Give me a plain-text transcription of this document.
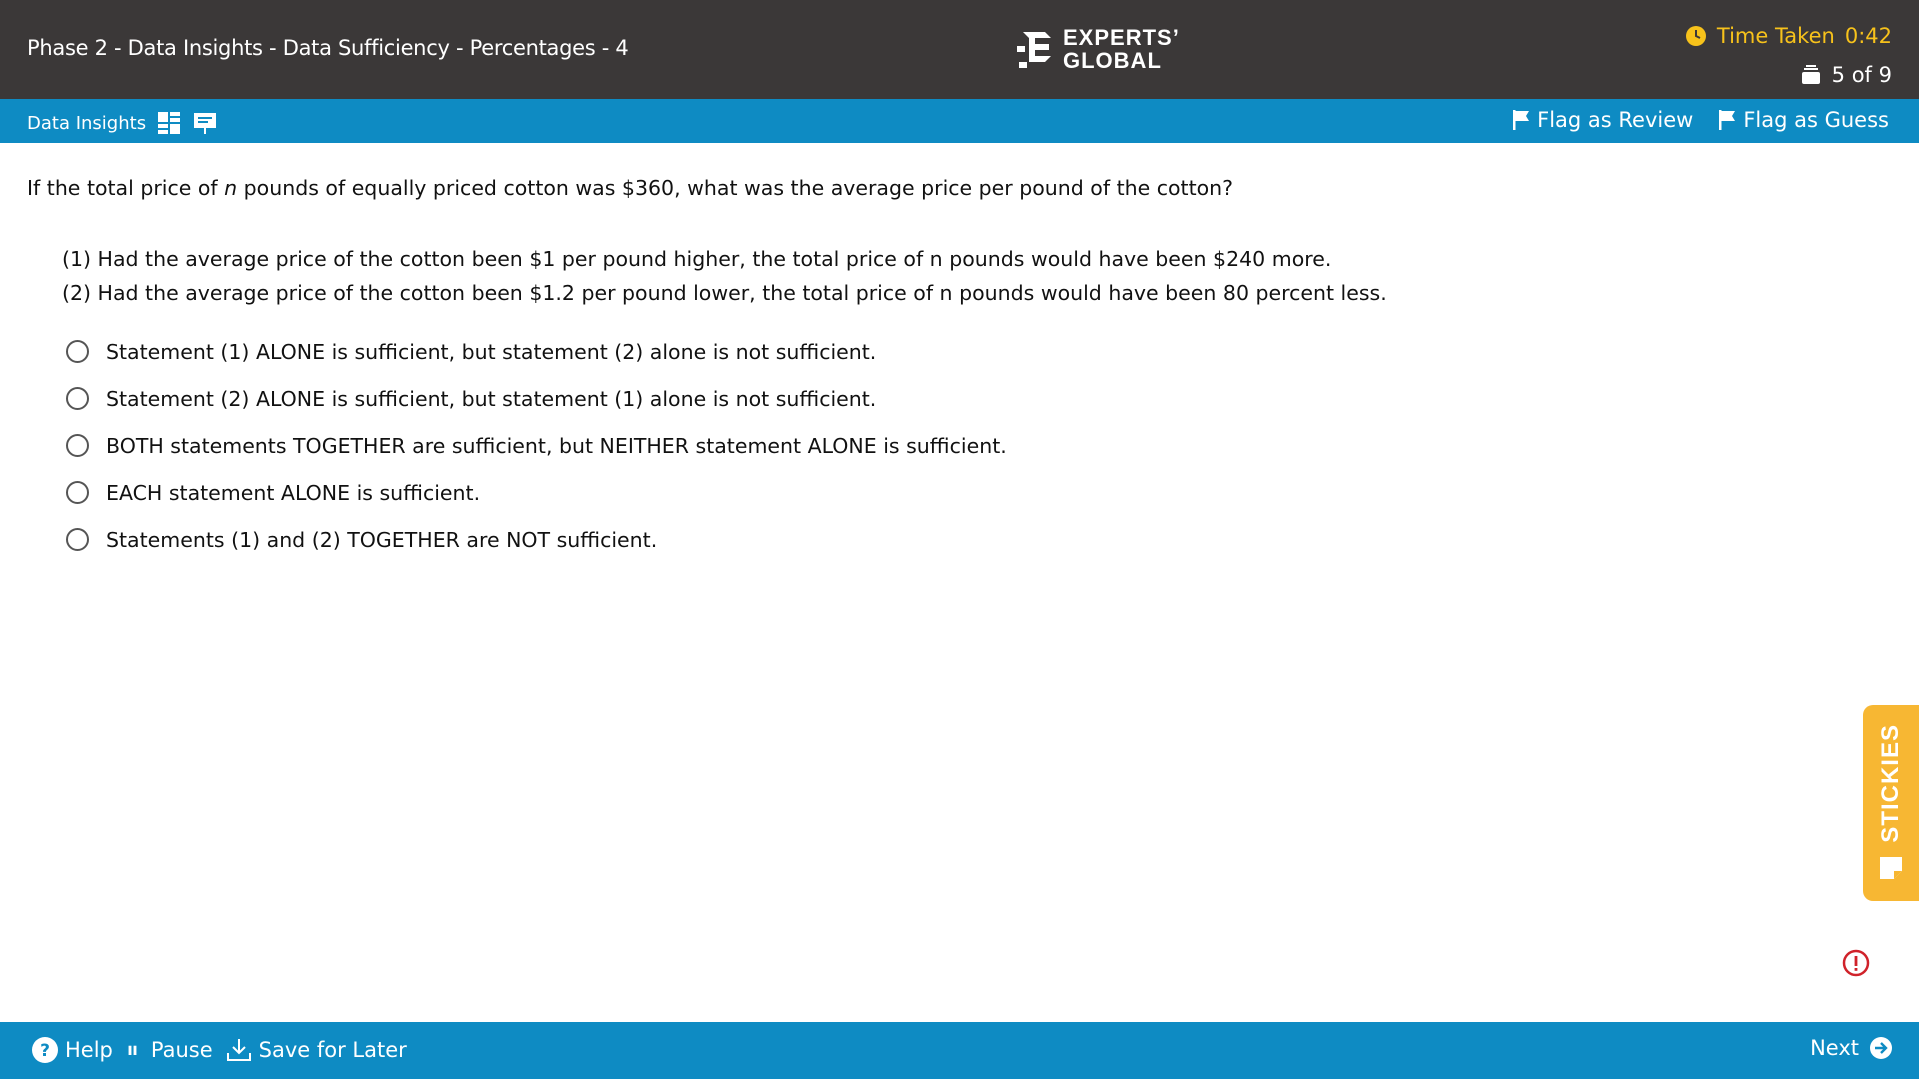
Phase 2 - Data Insights - Data Sufficiency - Percentages - 4	EXPERTS’
GLOBAL
Time Taken 0:42
5 of 9
Data Insights	Flag as Review Flag as Guess
If the total price of n pounds of equally priced cotton was $360, what was the average price per pound of the cotton?
(1) Had the average price of the cotton been $1 per pound higher, the total price of n pounds would have been $240 more.
(2) Had the average price of the cotton been $1.2 per pound lower, the total price of n pounds would have been 80 percent less.
Statement (1) ALONE is sufficient, but statement (2) alone is not sufficient.
Statement (2) ALONE is sufficient, but statement (1) alone is not sufficient.
BOTH statements TOGETHER are sufficient, but NEITHER statement ALONE is sufficient.
EACH statement ALONE is sufficient.
Statements (1) and (2) TOGETHER are NOT sufficient.
STICKIES
? Help Pause Save for Later	Next
